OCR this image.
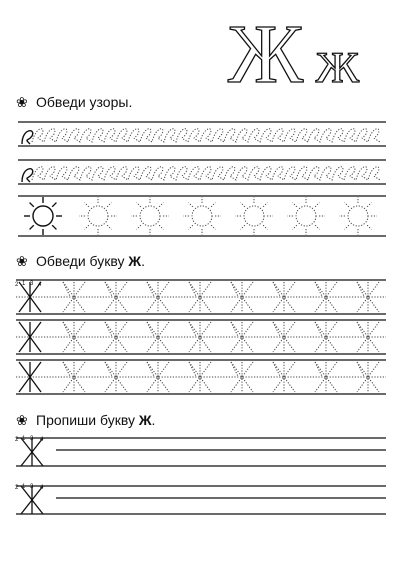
Ж ж
❀ Обведи узоры.
❀ Обведи букву Ж.
❀ Пропиши букву Ж.
2 1 3 4
2 1 3 4
2 1 3 4
